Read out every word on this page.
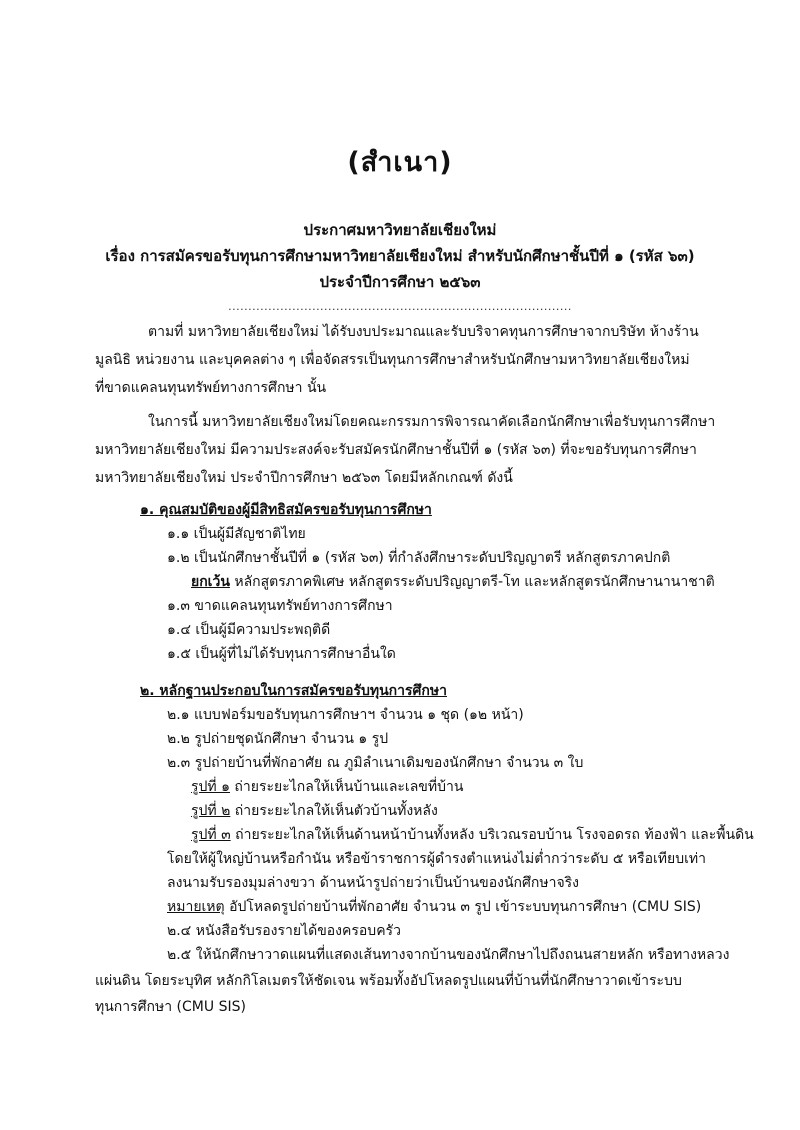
(สำเนา)
ประกาศมหาวิทยาลัยเชียงใหม่
เรื่อง การสมัครขอรับทุนการศึกษามหาวิทยาลัยเชียงใหม่ สำหรับนักศึกษาชั้นปีที่ ๑ (รหัส ๖๓)
ประจำปีการศึกษา ๒๕๖๓
......................................................................................
ตามที่ มหาวิทยาลัยเชียงใหม่ ได้รับงบประมาณและรับบริจาคทุนการศึกษาจากบริษัท ห้างร้าน
มูลนิธิ หน่วยงาน และบุคคลต่าง ๆ เพื่อจัดสรรเป็นทุนการศึกษาสำหรับนักศึกษามหาวิทยาลัยเชียงใหม่
ที่ขาดแคลนทุนทรัพย์ทางการศึกษา นั้น
ในการนี้ มหาวิทยาลัยเชียงใหม่โดยคณะกรรมการพิจารณาคัดเลือกนักศึกษาเพื่อรับทุนการศึกษา
มหาวิทยาลัยเชียงใหม่ มีความประสงค์จะรับสมัครนักศึกษาชั้นปีที่ ๑ (รหัส ๖๓) ที่จะขอรับทุนการศึกษา
มหาวิทยาลัยเชียงใหม่ ประจำปีการศึกษา ๒๕๖๓ โดยมีหลักเกณฑ์ ดังนี้
๑. คุณสมบัติของผู้มีสิทธิสมัครขอรับทุนการศึกษา
๑.๑ เป็นผู้มีสัญชาติไทย
๑.๒ เป็นนักศึกษาชั้นปีที่ ๑ (รหัส ๖๓) ที่กำลังศึกษาระดับปริญญาตรี หลักสูตรภาคปกติ
ยกเว้น หลักสูตรภาคพิเศษ หลักสูตรระดับปริญญาตรี-โท และหลักสูตรนักศึกษานานาชาติ
๑.๓ ขาดแคลนทุนทรัพย์ทางการศึกษา
๑.๔ เป็นผู้มีความประพฤติดี
๑.๕ เป็นผู้ที่ไม่ได้รับทุนการศึกษาอื่นใด
๒. หลักฐานประกอบในการสมัครขอรับทุนการศึกษา
๒.๑ แบบฟอร์มขอรับทุนการศึกษาฯ จำนวน ๑ ชุด (๑๒ หน้า)
๒.๒ รูปถ่ายชุดนักศึกษา จำนวน ๑ รูป
๒.๓ รูปถ่ายบ้านที่พักอาศัย ณ ภูมิลำเนาเดิมของนักศึกษา จำนวน ๓ ใบ
รูปที่ ๑ ถ่ายระยะไกลให้เห็นบ้านและเลขที่บ้าน
รูปที่ ๒ ถ่ายระยะไกลให้เห็นตัวบ้านทั้งหลัง
รูปที่ ๓ ถ่ายระยะไกลให้เห็นด้านหน้าบ้านทั้งหลัง บริเวณรอบบ้าน โรงจอดรถ ท้องฟ้า และพื้นดิน
โดยให้ผู้ใหญ่บ้านหรือกำนัน หรือข้าราชการผู้ดำรงตำแหน่งไม่ต่ำกว่าระดับ ๕ หรือเทียบเท่า
ลงนามรับรองมุมล่างขวา ด้านหน้ารูปถ่ายว่าเป็นบ้านของนักศึกษาจริง
หมายเหตุ อัปโหลดรูปถ่ายบ้านที่พักอาศัย จำนวน ๓ รูป เข้าระบบทุนการศึกษา (CMU SIS)
๒.๔ หนังสือรับรองรายได้ของครอบครัว
๒.๕ ให้นักศึกษาวาดแผนที่แสดงเส้นทางจากบ้านของนักศึกษาไปถึงถนนสายหลัก หรือทางหลวง
แผ่นดิน โดยระบุทิศ หลักกิโลเมตรให้ชัดเจน พร้อมทั้งอัปโหลดรูปแผนที่บ้านที่นักศึกษาวาดเข้าระบบ
ทุนการศึกษา (CMU SIS)
